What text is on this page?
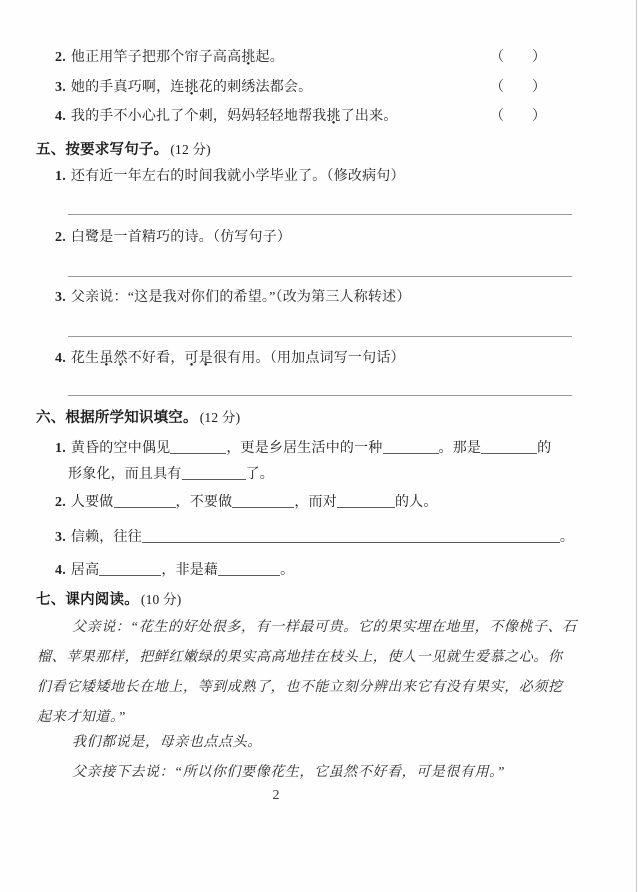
2. 他正用竿子把那个帘子高高挑 ●起。	（　　）
3. 她的手真巧啊，连挑 ●花的刺绣法都会。	（　　）
4. 我的手不小心扎了个刺，妈妈轻轻地帮我挑 ●了出来。	（　　）
五、按要求写句子。 (12 分)
1. 还有近一年左右的时间我就小学毕业了。（修改病句）
2. 白鹭是一首精巧的诗。（仿写句子）
3. 父亲说：“这是我对你们的希望。”（改为第三人称转述）
4. 花生虽 ●然 ●不好看，可 ●是 ●很有用。（用加点词写一句话）
六、根据所学知识填空。 (12 分)
1. 黄昏的空中偶见	，更是乡居生活中的一种	。那是	的
形象化，而且具有	了。
2. 人要做	，不要做	，而对	的人。
3. 信赖，往往	。
4. 居高	，非是藉	。
七、课内阅读。 (10 分)
父亲说：“花生的好处很多，有一样最可贵。它的果实埋在地里，不像桃子、石
榴、苹果那样，把鲜红嫩绿的果实高高地挂在枝头上，使人一见就生爱慕之心。你
们看它矮矮地长在地上，等到成熟了，也不能立刻分辨出来它有没有果实，必须挖
起来才知道。”
我们都说是，母亲也点点头。
父亲接下去说：“所以你们要像花生，它虽然不好看，可是很有用。”
2
